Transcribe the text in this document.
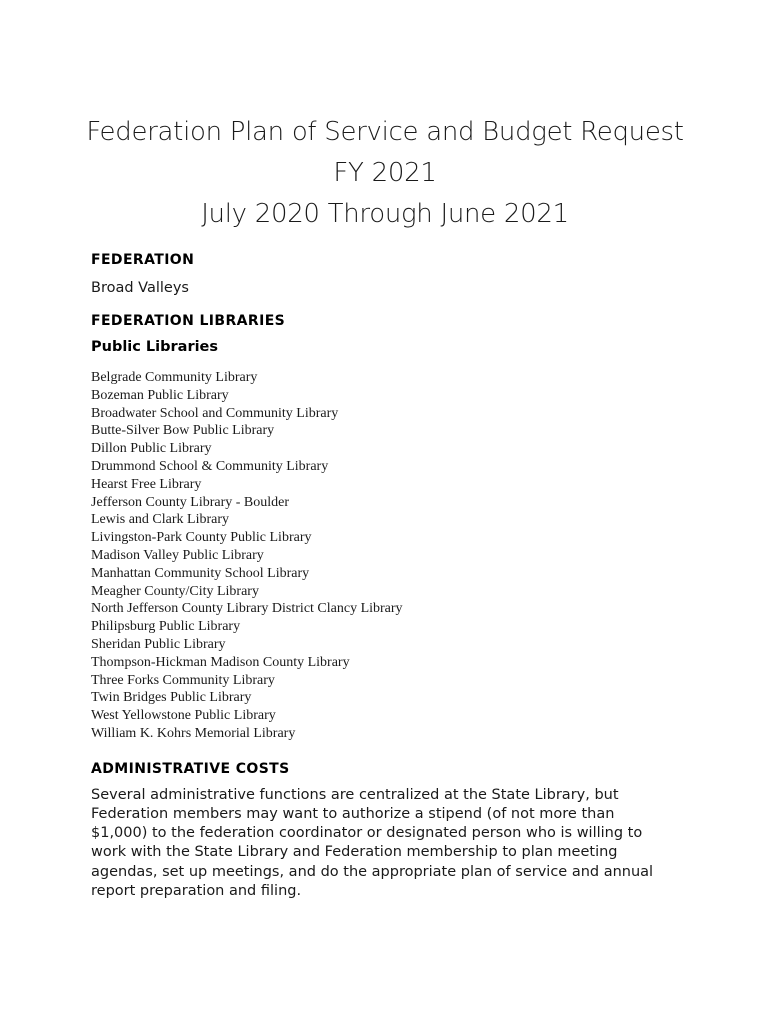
Federation Plan of Service and Budget Request
FY 2021
July 2020 Through June 2021
FEDERATION

Broad Valleys

FEDERATION LIBRARIES
Public Libraries
Belgrade Community Library
Bozeman Public Library
Broadwater School and Community Library
Butte-Silver Bow Public Library
Dillon Public Library
Drummond School & Community Library
Hearst Free Library
Jefferson County Library - Boulder
Lewis and Clark Library
Livingston-Park County Public Library
Madison Valley Public Library
Manhattan Community School Library
Meagher County/City Library
North Jefferson County Library District Clancy Library
Philipsburg Public Library
Sheridan Public Library
Thompson-Hickman Madison County Library
Three Forks Community Library
Twin Bridges Public Library
West Yellowstone Public Library
William K. Kohrs Memorial Library
ADMINISTRATIVE COSTS
Several administrative functions are centralized at the State Library, but
Federation members may want to authorize a stipend (of not more than
$1,000) to the federation coordinator or designated person who is willing to
work with the State Library and Federation membership to plan meeting
agendas, set up meetings, and do the appropriate plan of service and annual
report preparation and filing.
